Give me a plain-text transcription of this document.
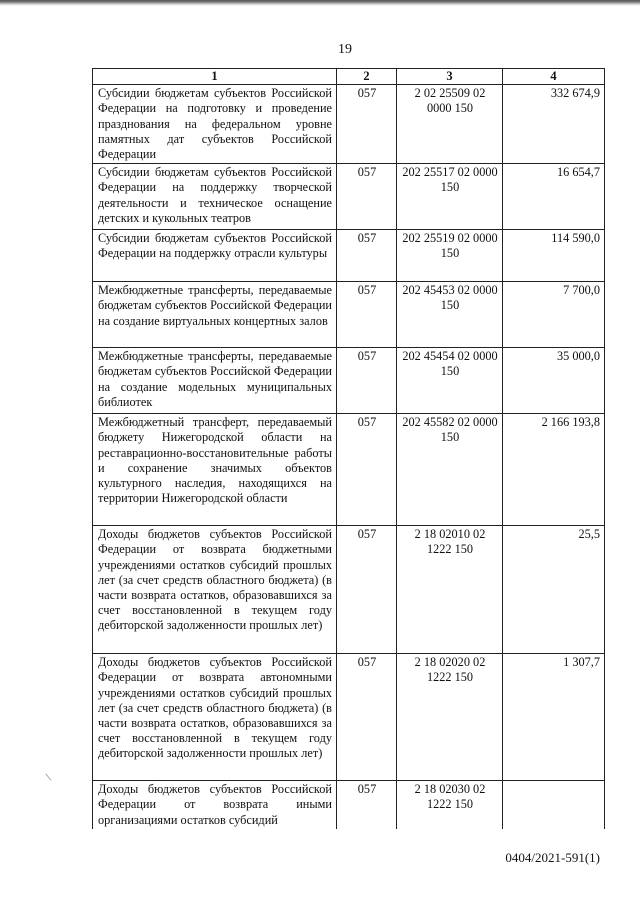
19
1	2	3	4
Субсидии бюджетам субъектов Российской Федерации на подготовку и проведение празднования на федеральном уровне памятных дат субъектов Российской Федерации	057	2 02 25509 02 0000 150	332 674,9
Субсидии бюджетам субъектов Российской Федерации на поддержку творческой деятельности и техническое оснащение детских и кукольных театров	057	202 25517 02 0000 150	16 654,7
Субсидии бюджетам субъектов Российской Федерации на поддержку отрасли культуры	057	202 25519 02 0000 150	114 590,0
Межбюджетные трансферты, передаваемые бюджетам субъектов Российской Федерации на создание виртуальных концертных залов	057	202 45453 02 0000 150	7 700,0
Межбюджетные трансферты, передаваемые бюджетам субъектов Российской Федерации на создание модельных муниципальных библиотек	057	202 45454 02 0000 150	35 000,0
Межбюджетный трансферт, передаваемый бюджету Нижегородской области на реставрационно-восстановительные работы и сохранение значимых объектов культурного наследия, находящихся на территории Нижегородской области	057	202 45582 02 0000 150	2 166 193,8
Доходы бюджетов субъектов Российской Федерации от возврата бюджетными учреждениями остатков субсидий прошлых лет (за счет средств областного бюджета) (в части возврата остатков, образовавшихся за счет восстановленной в текущем году дебиторской задолженности прошлых лет)	057	2 18 02010 02 1222 150	25,5
Доходы бюджетов субъектов Российской Федерации от возврата автономными учреждениями остатков субсидий прошлых лет (за счет средств областного бюджета) (в части возврата остатков, образовавшихся за счет восстановленной в текущем году дебиторской задолженности прошлых лет)	057	2 18 02020 02 1222 150	1 307,7
Доходы бюджетов субъектов Российской Федерации от возврата иными организациями остатков субсидий	057	2 18 02030 02 1222 150	
\
0404/2021-591(1)
